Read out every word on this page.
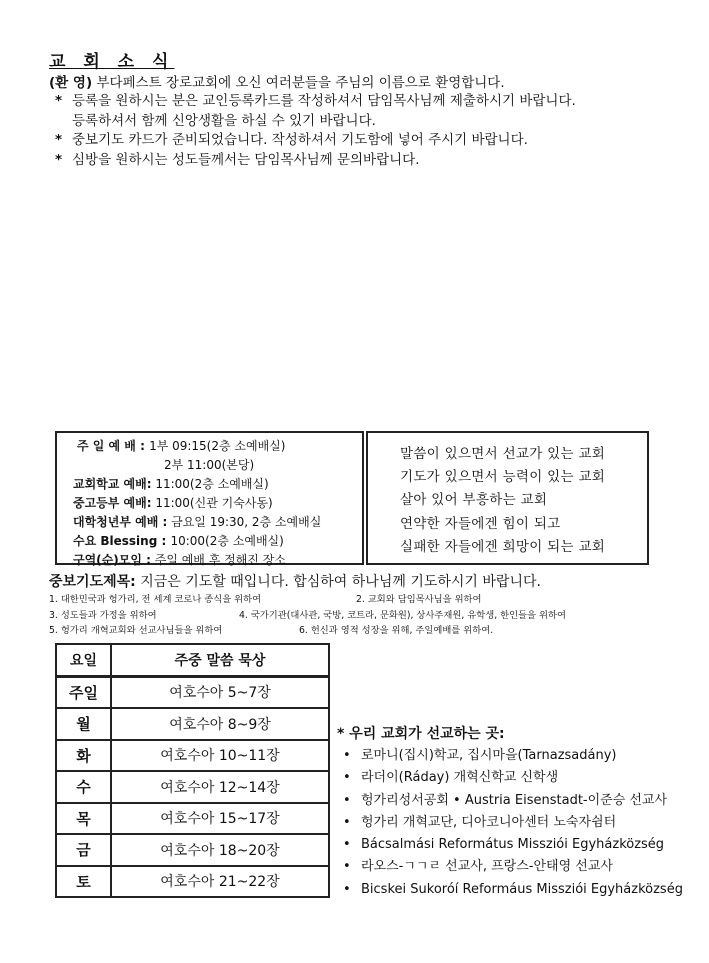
교 회 소 식
(환 영) 부다페스트 장로교회에 오신 여러분들을 주님의 이름으로 환영합니다.
* 등록을 원하시는 분은 교인등록카드를 작성하셔서 담임목사님께 제출하시기 바랍니다.
등록하셔서 함께 신앙생활을 하실 수 있기 바랍니다.
* 중보기도 카드가 준비되었습니다. 작성하셔서 기도함에 넣어 주시기 바랍니다.
* 심방을 원하시는 성도들께서는 담임목사님께 문의바랍니다.
주 일 예 배 : 1부 09:15(2층 소예배실)
2부 11:00(본당)
교회학교 예배: 11:00(2층 소예배실)
중고등부 예배: 11:00(신관 기숙사동)
대학청년부 예배 : 금요일 19:30, 2층 소예배실
수요 Blessing : 10:00(2층 소예배실)
구역(순)모임 : 주일 예배 후 정해진 장소
말씀이 있으면서 선교가 있는 교회
기도가 있으면서 능력이 있는 교회
살아 있어 부흥하는 교회
연약한 자들에겐 힘이 되고
실패한 자들에겐 희망이 되는 교회
중보기도제목: 지금은 기도할 때입니다. 합심하여 하나님께 기도하시기 바랍니다.
1. 대한민국과 헝가리, 전 세계 코로나 종식을 위하여	2. 교회와 담임목사님을 위하여
3. 성도들과 가정을 위하여	4. 국가기관(대사관, 국방, 코트라, 문화원), 상사주재원, 유학생, 한인들을 위하여
5. 헝가리 개혁교회와 선교사님들을 위하여	6. 헌신과 영적 성장을 위해, 주일예배를 위하여.
요일	주중 말씀 묵상
주일	여호수아 5~7장
월	여호수아 8~9장
화	여호수아 10~11장
수	여호수아 12~14장
목	여호수아 15~17장
금	여호수아 18~20장
토	여호수아 21~22장
* 우리 교회가 선교하는 곳:
• 로마니(집시)학교, 집시마을(Tarnazsadány)
• 라더이(Ráday) 개혁신학교 신학생
• 헝가리성서공회 • Austria Eisenstadt-이준승 선교사
• 헝가리 개혁교단, 디아코니아센터 노숙자쉼터
• Bácsalmási Református Missziói Egyházközség
• 라오스-ㄱㄱㄹ 선교사, 프랑스-안태영 선교사
• Bicskei Sukoróí Reformáus Missziói Egyházközség
